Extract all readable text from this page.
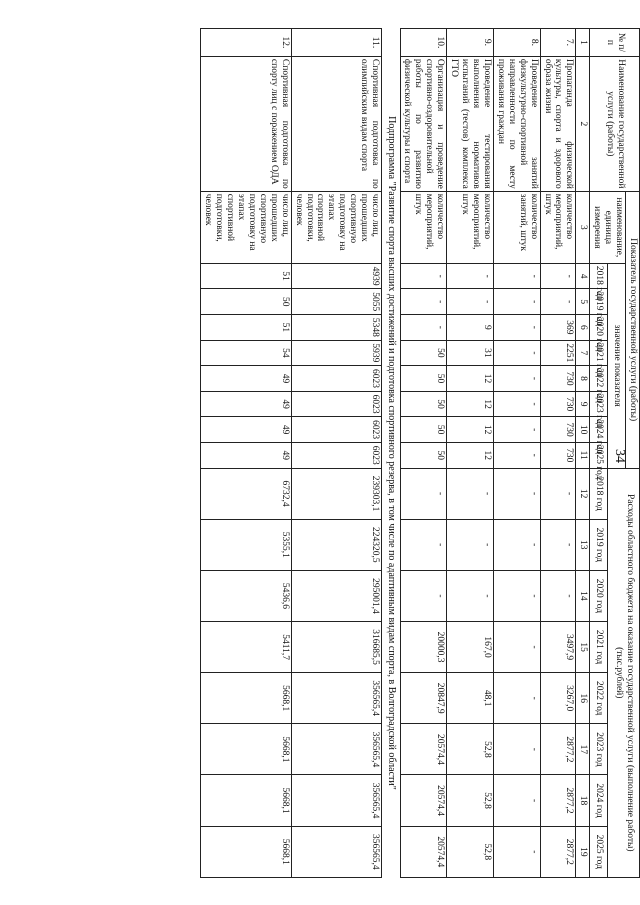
34
№ п/п	Наименование государственной услуги (работы)	Показатель государственной услуги (работы)									Расходы областного бюджета на оказание государственной услуги (выполнение работы) (тыс.рублей)							
		наименование, единица измерения	значение показателя															
			2018 год	2019 год	2020 год	2021 год	2022 год	2023 год	2024 год	2025 год	2018 год	2019 год	2020 год	2021 год	2022 год	2023 год	2024 год	2025 год
1	2	3	4	5	6	7	8	9	10	11	12	13	14	15	16	17	18	19
7.	Пропаганда физической культуры, спорта и здорового образа жизни	количество мероприятий, штук	-	-	369	2251	730	730	730	730	-	-	-	3497,9	3267,0	2877,2	2877,2	2877,2
8.	Проведение занятий физкультурно-спортивной направленности по месту проживания граждан	количество занятий, штук	-	-	-	-	-	-	-	-	-	-	-	-	-	-	-	-
9.	Проведение тестирования выполнения нормативов испытаний (тестов) комплекса ГТО	количество мероприятий, штук	-	-	9	31	12	12	12	12	-	-	-	167,0	48,1	52,8	52,8	52,8
10.	Организация и проведение спортивно-оздоровительной работы по развитию физической культуры и спорта	количество мероприятий, штук	-	-	-	50	50	50	50	50	-	-	-	20000,3	20847,9	20574,4	20574,4	20574,4
Подпрограмма "Развитие спорта высших достижений и подготовка спортивного резерва, в том числе по адаптивным видам спорта, в Волгоградской области"																		
11.	Спортивная подготовка по олимпийским видам спорта	число лиц, прошедших спортивную подготовку на этапах спортивной подготовки, человек	4939	5055	5348	5939	6023	6023	6023	6023	239303,1	224320,5	295001,4	316685,5	356565,4	356565,4	356565,4	356565,4
12.	Спортивная подготовка по спорту лиц с поражением ОДА	число лиц, прошедших спортивную подготовку на этапах спортивной подготовки, человек	51	50	51	54	49	49	49	49	6732,4	5355,1	5436,6	5411,7	5668,1	5668,1	5668,1	5668,1
